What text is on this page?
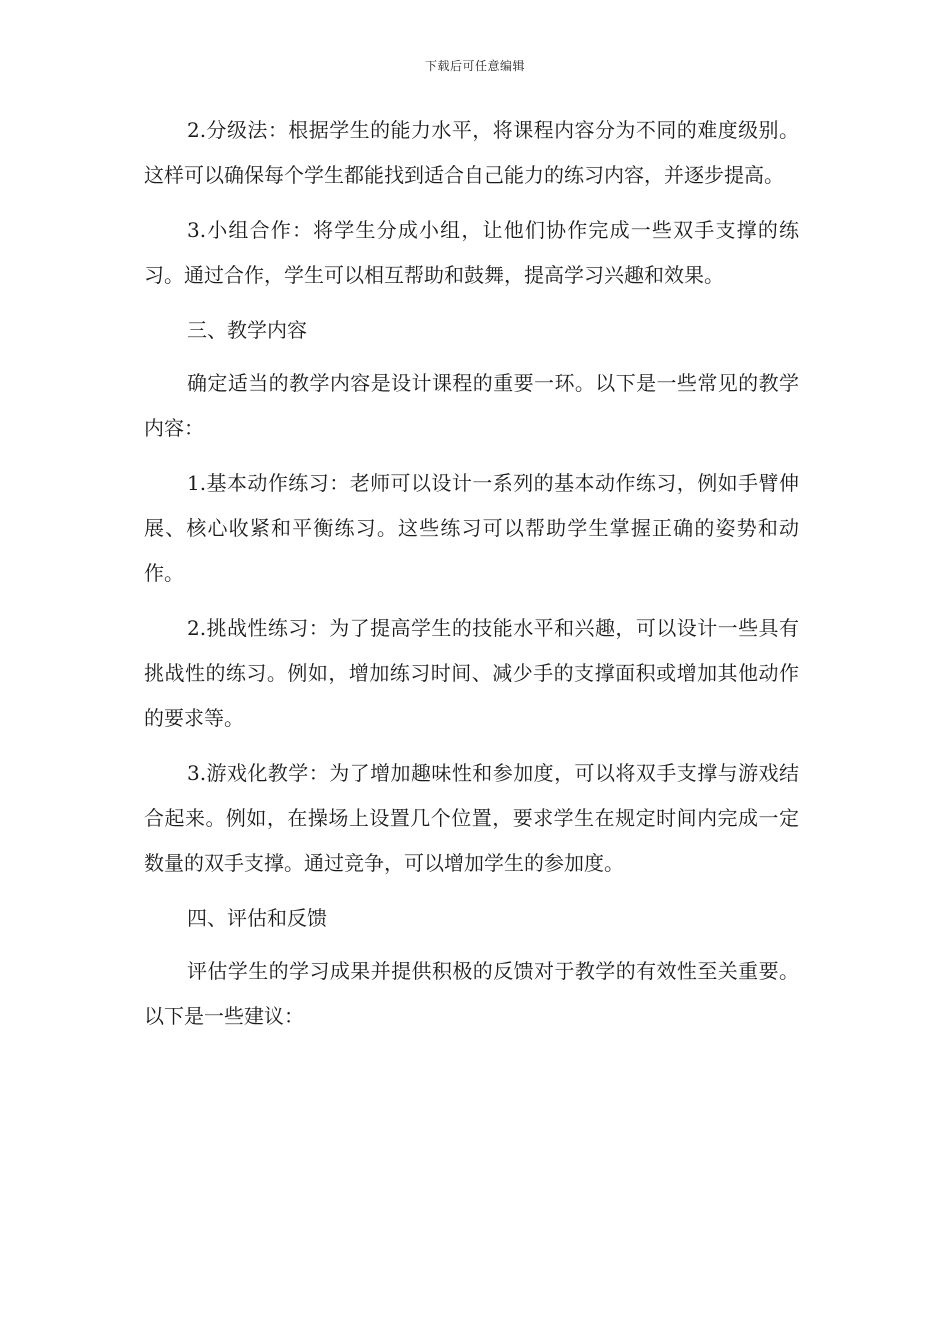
下载后可任意编辑

2.分级法：根据学生的能力水平，将课程内容分为不同的难度级别。这样可以确保每个学生都能找到适合自己能力的练习内容，并逐步提高。

3.小组合作：将学生分成小组，让他们协作完成一些双手支撑的练习。通过合作，学生可以相互帮助和鼓舞，提高学习兴趣和效果。

三、教学内容

确定适当的教学内容是设计课程的重要一环。以下是一些常见的教学内容：

1.基本动作练习：老师可以设计一系列的基本动作练习，例如手臂伸展、核心收紧和平衡练习。这些练习可以帮助学生掌握正确的姿势和动作。

2.挑战性练习：为了提高学生的技能水平和兴趣，可以设计一些具有挑战性的练习。例如，增加练习时间、减少手的支撑面积或增加其他动作的要求等。

3.游戏化教学：为了增加趣味性和参加度，可以将双手支撑与游戏结合起来。例如，在操场上设置几个位置，要求学生在规定时间内完成一定数量的双手支撑。通过竞争，可以增加学生的参加度。

四、评估和反馈

评估学生的学习成果并提供积极的反馈对于教学的有效性至关重要。以下是一些建议：
